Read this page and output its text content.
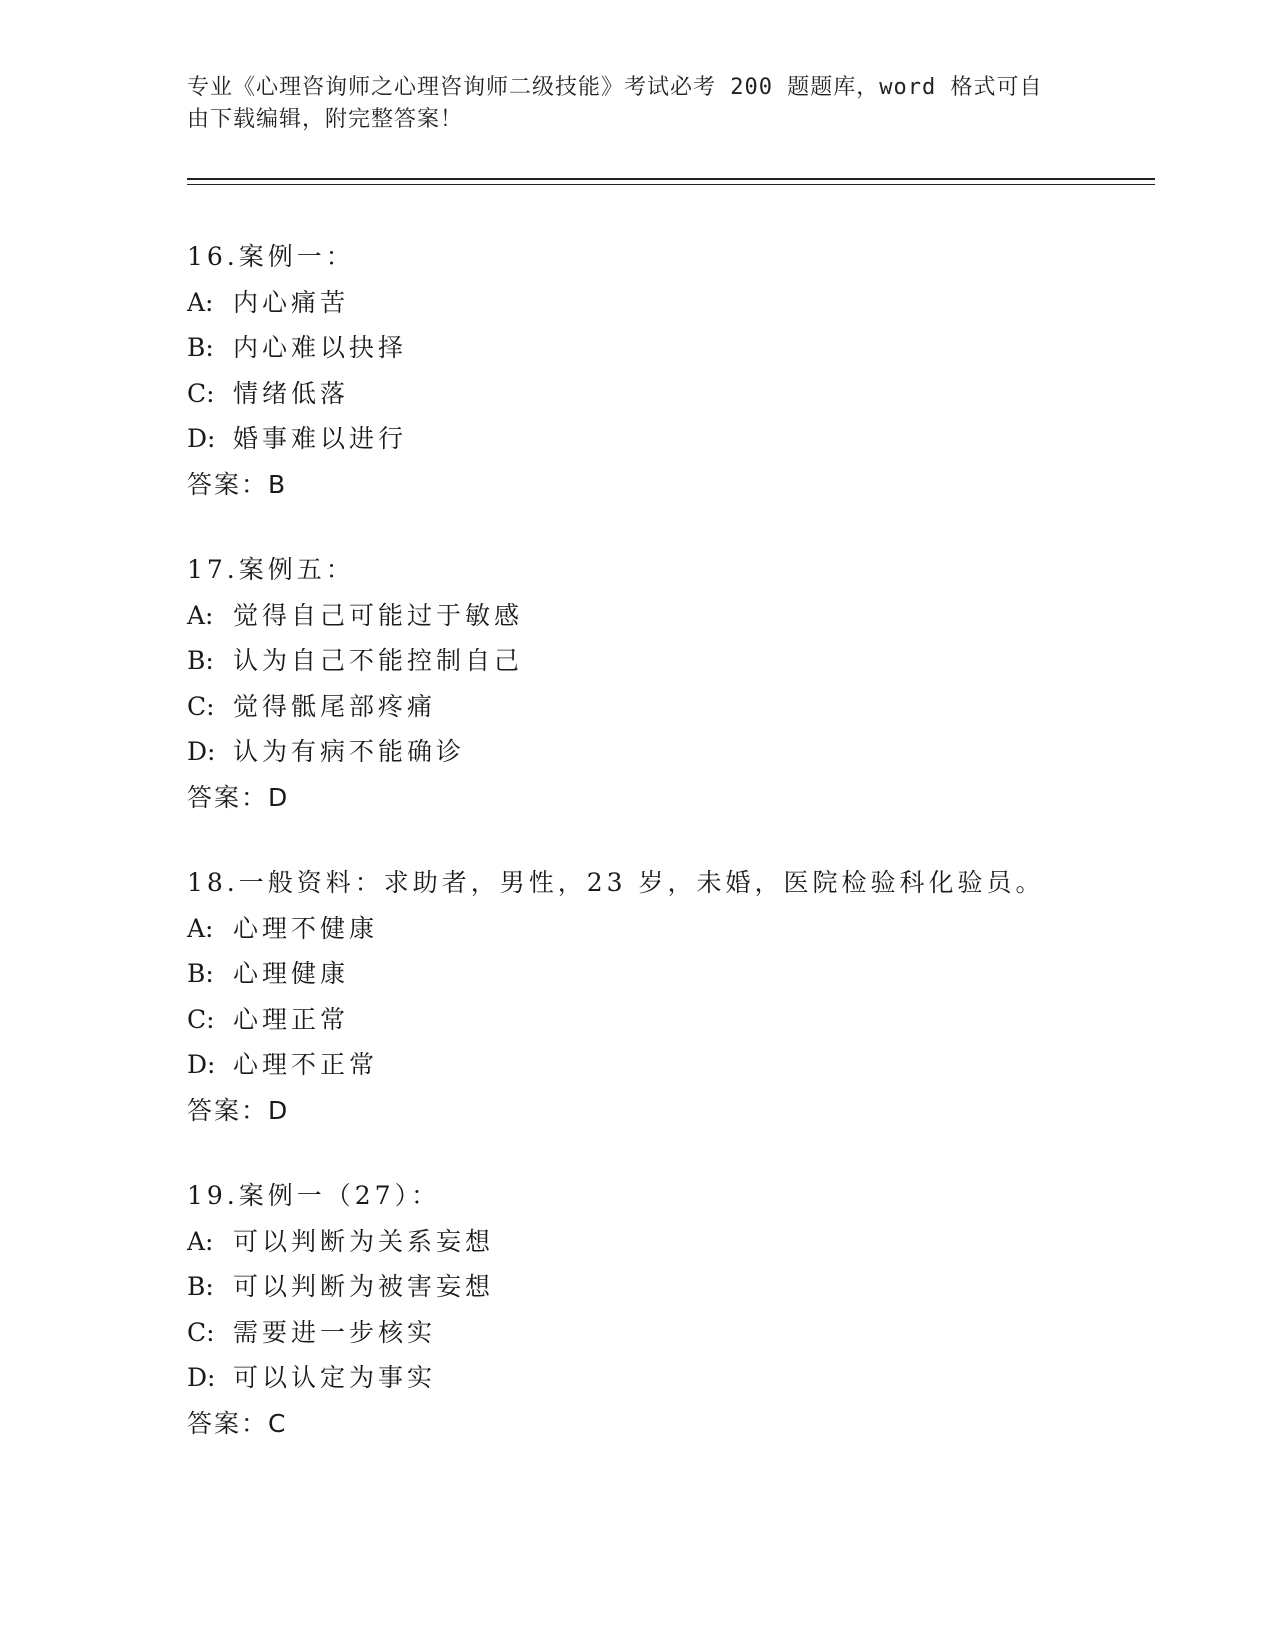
专业《心理咨询师之心理咨询师二级技能》考试必考 200 题题库，word 格式可自
由下载编辑，附完整答案！
16.案例一：
A: 内心痛苦
B: 内心难以抉择
C: 情绪低落
D: 婚事难以进行
答案：B
17.案例五：
A: 觉得自己可能过于敏感
B: 认为自己不能控制自己
C: 觉得骶尾部疼痛
D: 认为有病不能确诊
答案：D
18.一般资料：求助者，男性，23 岁，未婚，医院检验科化验员。
A: 心理不健康
B: 心理健康
C: 心理正常
D: 心理不正常
答案：D
19.案例一（27）：
A: 可以判断为关系妄想
B: 可以判断为被害妄想
C: 需要进一步核实
D: 可以认定为事实
答案：C
